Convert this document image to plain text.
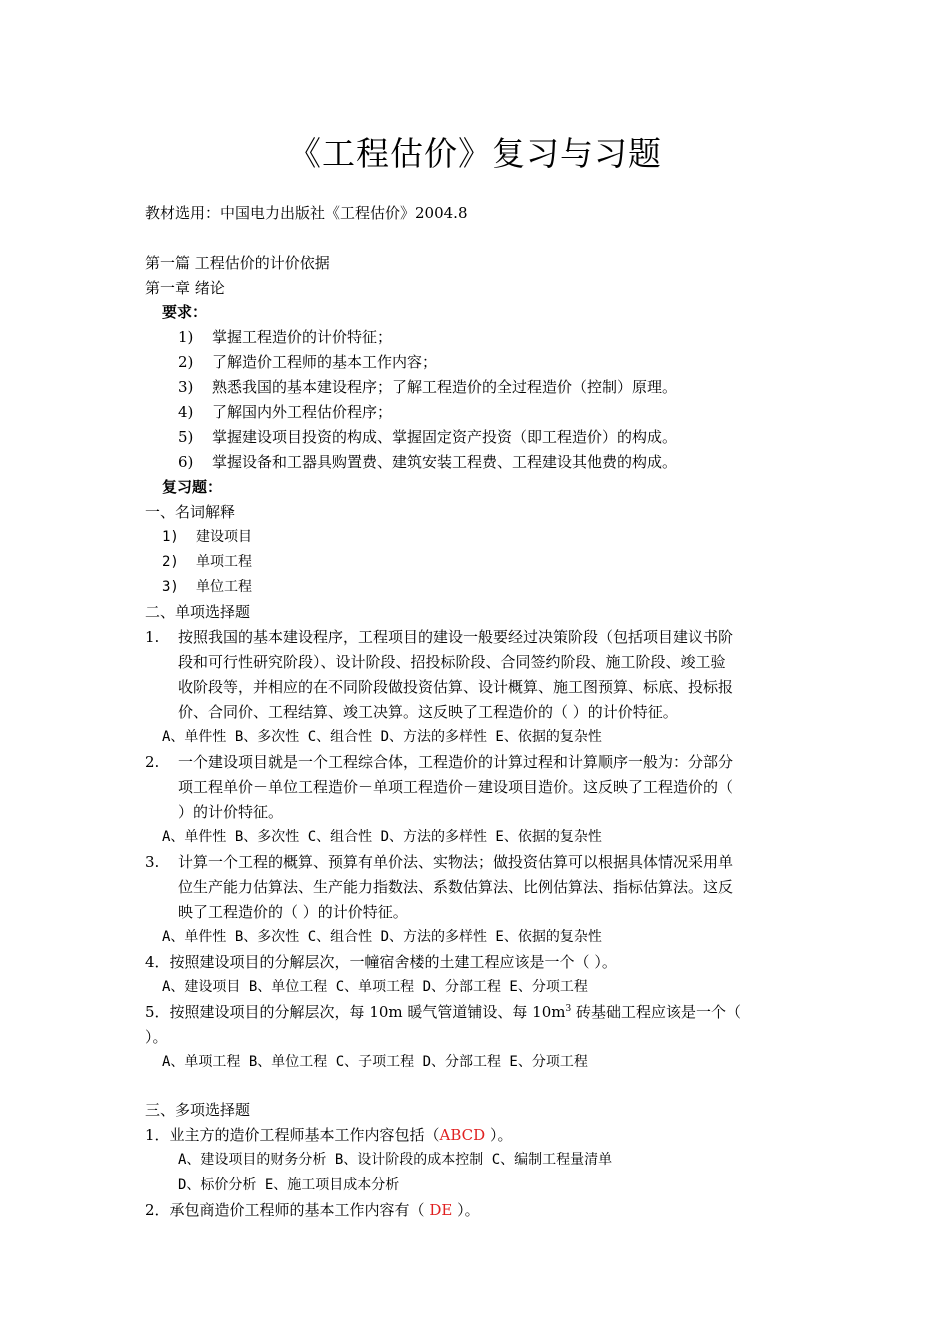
《工程估价》复习与习题
教材选用：中国电力出版社《工程估价》2004.8
第一篇 工程估价的计价依据
第一章 绪论
要求：
1) 掌握工程造价的计价特征；
2) 了解造价工程师的基本工作内容；
3) 熟悉我国的基本建设程序；了解工程造价的全过程造价（控制）原理。
4) 了解国内外工程估价程序；
5) 掌握建设项目投资的构成、掌握固定资产投资（即工程造价）的构成。
6) 掌握设备和工器具购置费、建筑安装工程费、工程建设其他费的构成。
复习题：
一、名词解释
1) 建设项目
2) 单项工程
3) 单位工程
二、单项选择题
1. 按照我国的基本建设程序，工程项目的建设一般要经过决策阶段（包括项目建议书阶
段和可行性研究阶段）、设计阶段、招投标阶段、合同签约阶段、施工阶段、竣工验
收阶段等，并相应的在不同阶段做投资估算、设计概算、施工图预算、标底、投标报
价、合同价、工程结算、竣工决算。这反映了工程造价的（ ）的计价特征。
A、单件性 B、多次性 C、组合性 D、方法的多样性 E、依据的复杂性
2. 一个建设项目就是一个工程综合体，工程造价的计算过程和计算顺序一般为：分部分
项工程单价－单位工程造价－单项工程造价－建设项目造价。这反映了工程造价的（
）的计价特征。
A、单件性 B、多次性 C、组合性 D、方法的多样性 E、依据的复杂性
3. 计算一个工程的概算、预算有单价法、实物法；做投资估算可以根据具体情况采用单
位生产能力估算法、生产能力指数法、系数估算法、比例估算法、指标估算法。这反
映了工程造价的（ ）的计价特征。
A、单件性 B、多次性 C、组合性 D、方法的多样性 E、依据的复杂性
4．按照建设项目的分解层次，一幢宿舍楼的土建工程应该是一个（ ）。
A、建设项目 B、单位工程 C、单项工程 D、分部工程 E、分项工程
5．按照建设项目的分解层次，每 10m 暖气管道铺设、每 $10m^3$ 砖基础工程应该是一个（
）。
A、单项工程 B、单位工程 C、子项工程 D、分部工程 E、分项工程
三、多项选择题
1．业主方的造价工程师基本工作内容包括（ABCD ）。
A、建设项目的财务分析 B、设计阶段的成本控制 C、编制工程量清单
D、标价分析 E、施工项目成本分析
2．承包商造价工程师的基本工作内容有（ DE ）。
